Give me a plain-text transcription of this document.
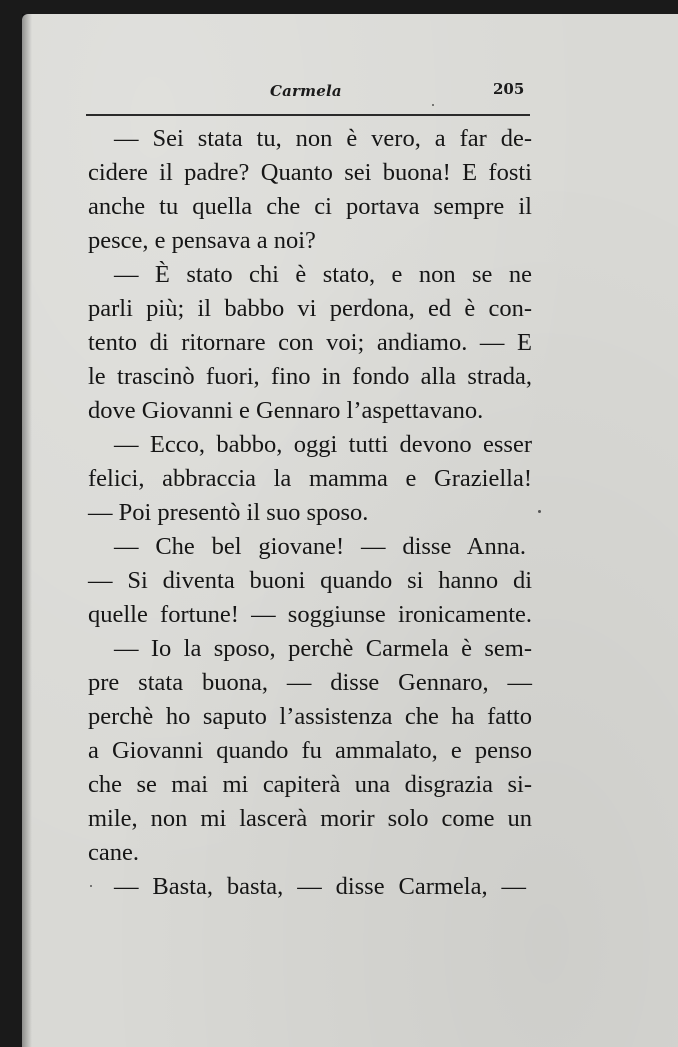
Carmela	205
— Sei stata tu, non è vero, a far de-
cidere il padre? Quanto sei buona! E fosti
anche tu quella che ci portava sempre il
pesce, e pensava a noi?
— È stato chi è stato, e non se ne
parli più; il babbo vi perdona, ed è con-
tento di ritornare con voi; andiamo. — E
le trascinò fuori, fino in fondo alla strada,
dove Giovanni e Gennaro l’aspettavano.
— Ecco, babbo, oggi tutti devono esser
felici, abbraccia la mamma e Graziella!
— Poi presentò il suo sposo.
— Che bel giovane! — disse Anna.
— Si diventa buoni quando si hanno di
quelle fortune! — soggiunse ironicamente.
— Io la sposo, perchè Carmela è sem-
pre stata buona, — disse Gennaro, —
perchè ho saputo l’assistenza che ha fatto
a Giovanni quando fu ammalato, e penso
che se mai mi capiterà una disgrazia si-
mile, non mi lascerà morir solo come un
cane.
— Basta, basta, — disse Carmela, —
